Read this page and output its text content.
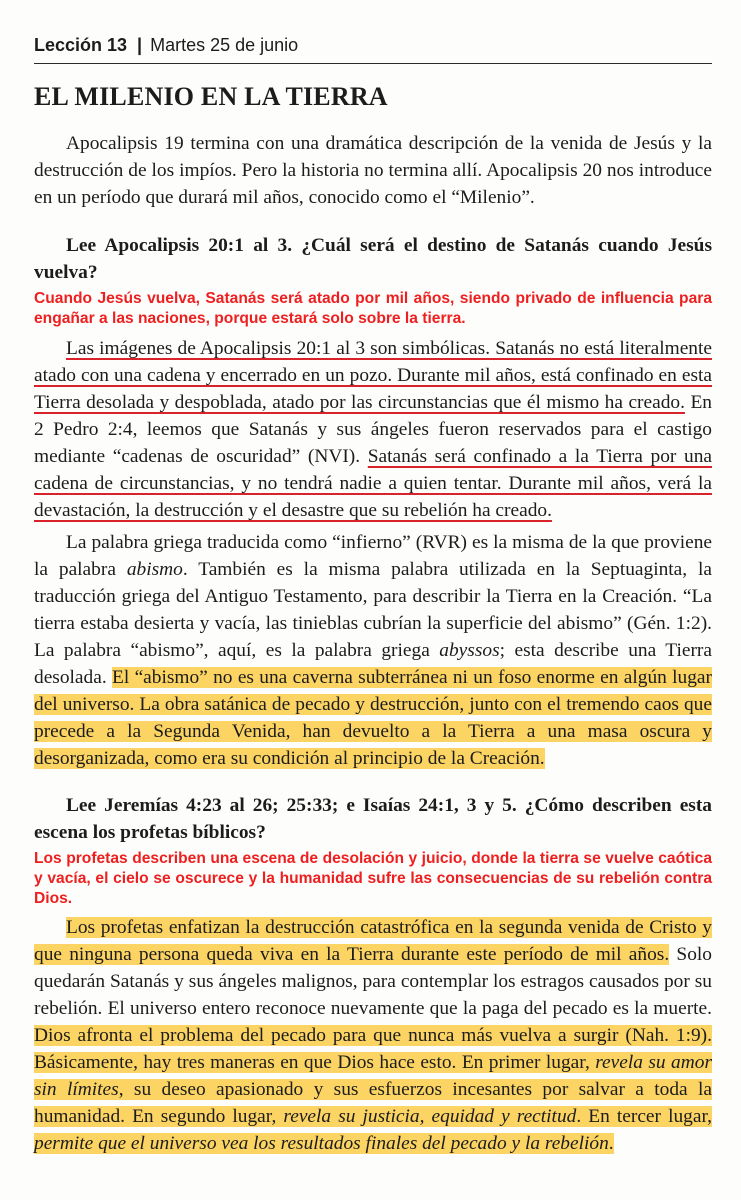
Lección 13 | Martes 25 de junio
EL MILENIO EN LA TIERRA

Apocalipsis 19 termina con una dramática descripción de la venida de Jesús y la destrucción de los impíos. Pero la historia no termina allí. Apocalipsis 20 nos introduce en un período que durará mil años, conocido como el “Milenio”.

Lee Apocalipsis 20:1 al 3. ¿Cuál será el destino de Satanás cuando Jesús vuelva?

Cuando Jesús vuelva, Satanás será atado por mil años, siendo privado de influencia para engañar a las naciones, porque estará solo sobre la tierra.

Las imágenes de Apocalipsis 20:1 al 3 son simbólicas. Satanás no está literalmente atado con una cadena y encerrado en un pozo. Durante mil años, está confinado en esta Tierra desolada y despoblada, atado por las circunstancias que él mismo ha creado. En 2 Pedro 2:4, leemos que Satanás y sus ángeles fueron reservados para el castigo mediante “cadenas de oscuridad” (NVI). Satanás será confinado a la Tierra por una cadena de circunstancias, y no tendrá nadie a quien tentar. Durante mil años, verá la devastación, la destrucción y el desastre que su rebelión ha creado.

La palabra griega traducida como “infierno” (RVR) es la misma de la que proviene la palabra abismo. También es la misma palabra utilizada en la Septuaginta, la traducción griega del Antiguo Testamento, para describir la Tierra en la Creación. “La tierra estaba desierta y vacía, las tinieblas cubrían la superficie del abismo” (Gén. 1:2). La palabra “abismo”, aquí, es la palabra griega abyssos; esta describe una Tierra desolada. El “abismo” no es una caverna subterránea ni un foso enorme en algún lugar del universo. La obra satánica de pecado y destrucción, junto con el tremendo caos que precede a la Segunda Venida, han devuelto a la Tierra a una masa oscura y desorganizada, como era su condición al principio de la Creación.

Lee Jeremías 4:23 al 26; 25:33; e Isaías 24:1, 3 y 5. ¿Cómo describen esta escena los profetas bíblicos?

Los profetas describen una escena de desolación y juicio, donde la tierra se vuelve caótica y vacía, el cielo se oscurece y la humanidad sufre las consecuencias de su rebelión contra Dios.

Los profetas enfatizan la destrucción catastrófica en la segunda venida de Cristo y que ninguna persona queda viva en la Tierra durante este período de mil años. Solo quedarán Satanás y sus ángeles malignos, para contemplar los estragos causados por su rebelión. El universo entero reconoce nuevamente que la paga del pecado es la muerte. Dios afronta el problema del pecado para que nunca más vuelva a surgir (Nah. 1:9). Básicamente, hay tres maneras en que Dios hace esto. En primer lugar, revela su amor sin límites, su deseo apasionado y sus esfuerzos incesantes por salvar a toda la humanidad. En segundo lugar, revela su justicia, equidad y rectitud. En tercer lugar, permite que el universo vea los resultados finales del pecado y la rebelión.
